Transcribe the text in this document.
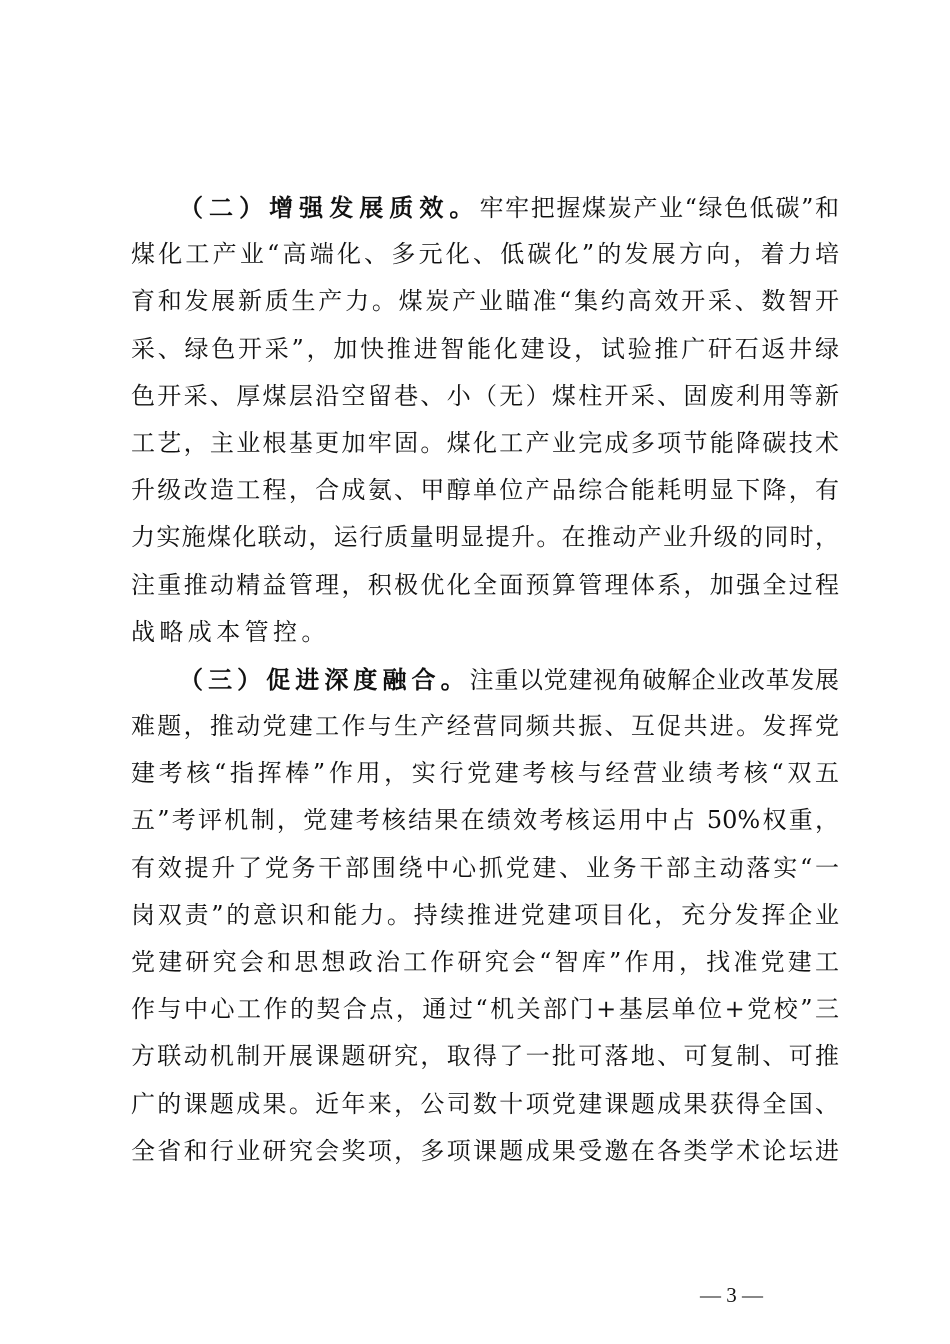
（二）增强发展质效。牢牢把握煤炭产业“绿色低碳”和
煤化工产业“高端化、多元化、低碳化”的发展方向，着力培
育和发展新质生产力。煤炭产业瞄准“集约高效开采、数智开
采、绿色开采”，加快推进智能化建设，试验推广矸石返井绿
色开采、厚煤层沿空留巷、小（无）煤柱开采、固废利用等新
工艺，主业根基更加牢固。煤化工产业完成多项节能降碳技术
升级改造工程，合成氨、甲醇单位产品综合能耗明显下降，有
力实施煤化联动，运行质量明显提升。在推动产业升级的同时，
注重推动精益管理，积极优化全面预算管理体系，加强全过程
战略成本管控。
（三）促进深度融合。注重以党建视角破解企业改革发展
难题，推动党建工作与生产经营同频共振、互促共进。发挥党
建考核“指挥棒”作用，实行党建考核与经营业绩考核“双五
五”考评机制，党建考核结果在绩效考核运用中占 50%权重，
有效提升了党务干部围绕中心抓党建、业务干部主动落实“一
岗双责”的意识和能力。持续推进党建项目化，充分发挥企业
党建研究会和思想政治工作研究会“智库”作用，找准党建工
作与中心工作的契合点，通过“机关部门+基层单位+党校”三
方联动机制开展课题研究，取得了一批可落地、可复制、可推
广的课题成果。近年来，公司数十项党建课题成果获得全国、
全省和行业研究会奖项，多项课题成果受邀在各类学术论坛进
— 3 —
